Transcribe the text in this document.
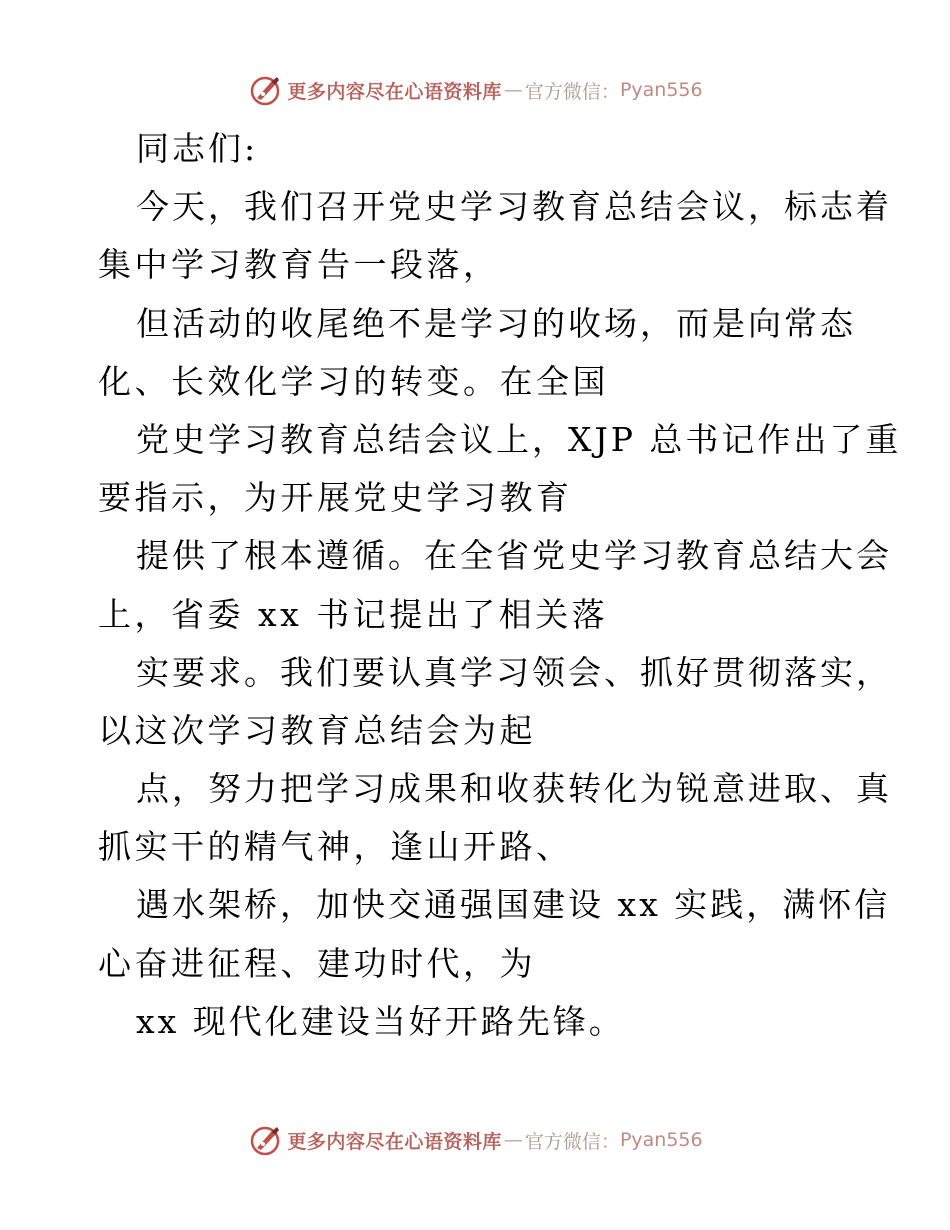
更多内容尽在心语资料库 — 官方微信： Pyan556
同志们:
今天，我们召开党史学习教育总结会议，标志着
集中学习教育告一段落，
但活动的收尾绝不是学习的收场，而是向常态
化、长效化学习的转变。在全国
党史学习教育总结会议上，XJP 总书记作出了重
要指示，为开展党史学习教育
提供了根本遵循。在全省党史学习教育总结大会
上，省委 xx 书记提出了相关落
实要求。我们要认真学习领会、抓好贯彻落实，
以这次学习教育总结会为起
点，努力把学习成果和收获转化为锐意进取、真
抓实干的精气神，逢山开路、
遇水架桥，加快交通强国建设 xx 实践，满怀信
心奋进征程、建功时代，为
xx 现代化建设当好开路先锋。
更多内容尽在心语资料库 — 官方微信： Pyan556
